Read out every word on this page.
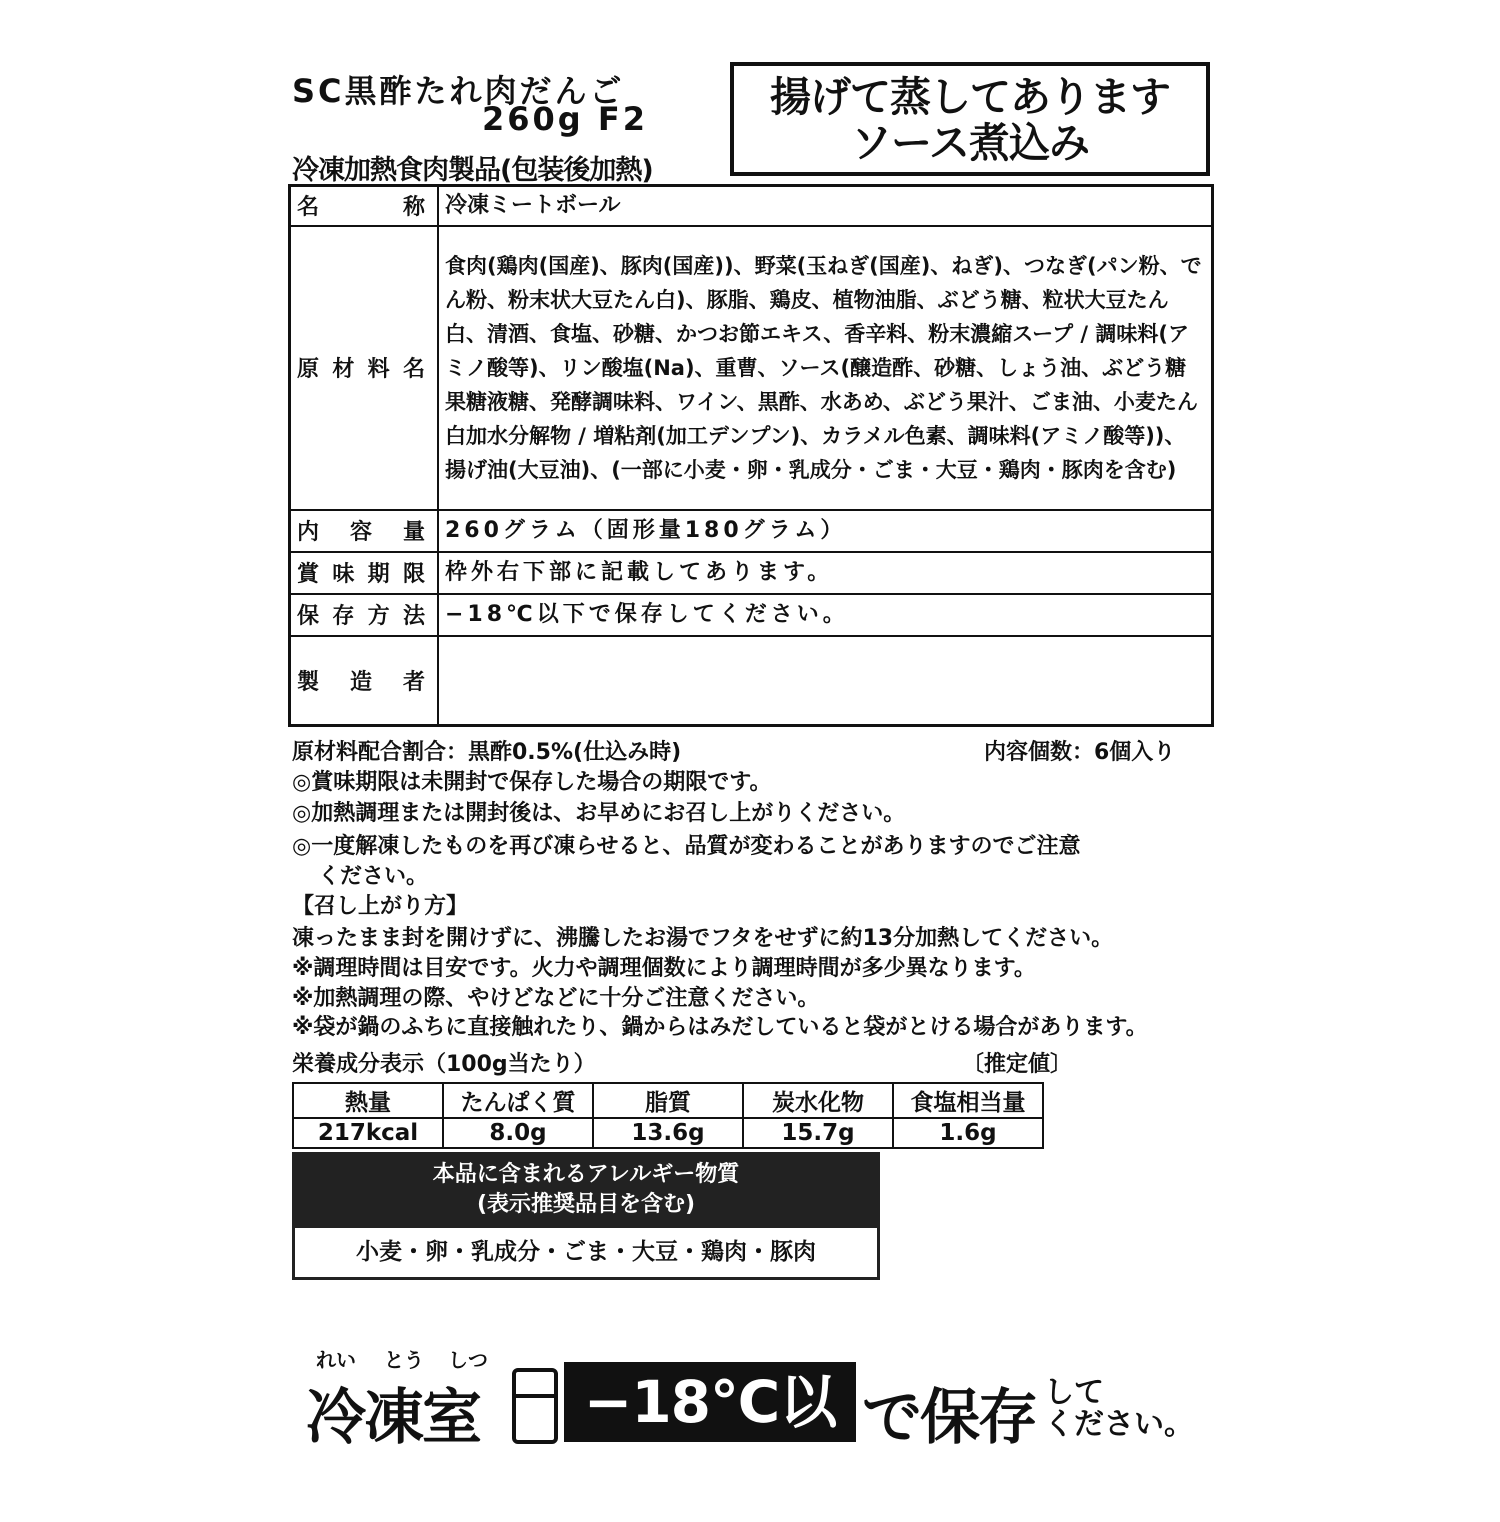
SC黒酢たれ肉だんご
260g F2
冷凍加熱食肉製品(包装後加熱)
揚げて蒸してあります
ソース煮込み
名 称	冷凍ミートボール
原材料名	食肉(鶏肉(国産)、豚肉(国産))、野菜(玉ねぎ(国産)、ねぎ)、つなぎ(パン粉、でん粉、粉末状大豆たん白)、豚脂、鶏皮、植物油脂、ぶどう糖、粒状大豆たん白、清酒、食塩、砂糖、かつお節エキス、香辛料、粉末濃縮スープ / 調味料(アミノ酸等)、リン酸塩(Na)、重曹、ソース(醸造酢、砂糖、しょう油、ぶどう糖果糖液糖、発酵調味料、ワイン、黒酢、水あめ、ぶどう果汁、ごま油、小麦たん白加水分解物 / 増粘剤(加工デンプン)、カラメル色素、調味料(アミノ酸等))、揚げ油(大豆油)、(一部に小麦・卵・乳成分・ごま・大豆・鶏肉・豚肉を含む)
内 容 量	260グラム（固形量180グラム）
賞味期限	枠外右下部に記載してあります。
保存方法	−18℃以下で保存してください。
製 造 者	
原材料配合割合：黒酢0.5%(仕込み時)	内容個数：6個入り
◎賞味期限は未開封で保存した場合の期限です。
◎加熱調理または開封後は、お早めにお召し上がりください。
◎一度解凍したものを再び凍らせると、品質が変わることがありますのでご注意
ください。
【召し上がり方】
凍ったまま封を開けずに、沸騰したお湯でフタをせずに約13分加熱してください。
※調理時間は目安です。火力や調理個数により調理時間が多少異なります。
※加熱調理の際、やけどなどに十分ご注意ください。
※袋が鍋のふちに直接触れたり、鍋からはみだしていると袋がとける場合があります。
栄養成分表示（100g当たり）	〔推定値〕
熱量	たんぱく質	脂質	炭水化物	食塩相当量
217kcal	8.0g	13.6g	15.7g	1.6g
本品に含まれるアレルギー物質
(表示推奨品目を含む)
小麦・卵・乳成分・ごま・大豆・鶏肉・豚肉
れい とう しつ
冷凍室	−18℃以下
で保存 して
ください。
